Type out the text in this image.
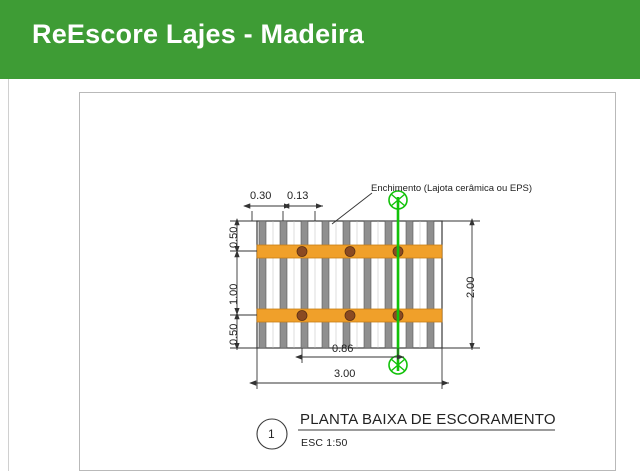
ReEscore Lajes - Madeira
Enchimento (Lajota cerâmica ou EPS)
0.30 0.13
0.50
1.00
0.50
2.00
0.86
3.00
1
PLANTA BAIXA DE ESCORAMENTO
ESC 1:50
